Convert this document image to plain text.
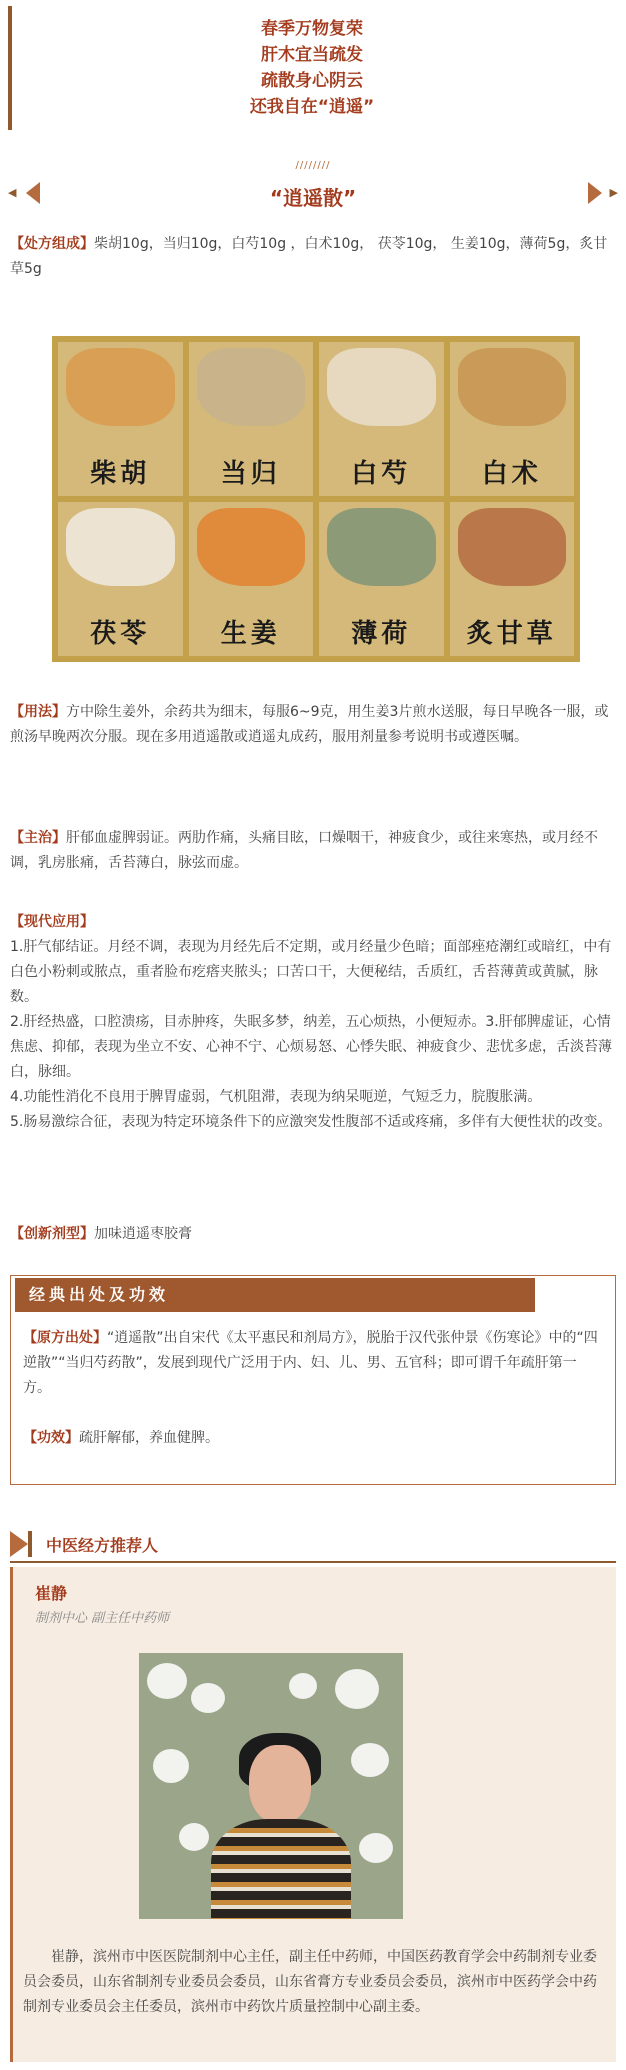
春季万物复荣
肝木宜当疏发
疏散身心阴云
还我自在“逍遥”
////////
◀	“逍遥散”	▶
【处方组成】柴胡10g，当归10g，白芍10g ，白术10g， 茯苓10g， 生姜10g，薄荷5g，炙甘草5g
柴胡	当归	白芍	白术
茯苓	生姜	薄荷	炙甘草
【用法】方中除生姜外，余药共为细末，每服6~9克，用生姜3片煎水送服，每日早晚各一服，或煎汤早晚两次分服。现在多用逍遥散或逍遥丸成药，服用剂量参考说明书或遵医嘱。
【主治】肝郁血虚脾弱证。两肋作痛，头痛目眩，口燥咽干，神疲食少，或往来寒热，或月经不调，乳房胀痛，舌苔薄白，脉弦而虚。
【现代应用】
1.肝气郁结证。月经不调，表现为月经先后不定期，或月经量少色暗；面部痤疮潮红或暗红，中有白色小粉刺或脓点，重者脸布疙瘩夹脓头；口苦口干，大便秘结，舌质红，舌苔薄黄或黄腻，脉数。
2.肝经热盛，口腔溃疡，目赤肿疼，失眠多梦，纳差，五心烦热，小便短赤。3.肝郁脾虚证，心情焦虑、抑郁，表现为坐立不安、心神不宁、心烦易怒、心悸失眠、神疲食少、悲忧多虑，舌淡苔薄白，脉细。
4.功能性消化不良用于脾胃虚弱，气机阻滞，表现为纳呆呃逆，气短乏力，脘腹胀满。
5.肠易激综合征，表现为特定环境条件下的应激突发性腹部不适或疼痛，多伴有大便性状的改变。
【创新剂型】加味逍遥枣胶膏
经典出处及功效
【原方出处】“逍遥散”出自宋代《太平惠民和剂局方》，脱胎于汉代张仲景《伤寒论》中的“四逆散”“当归芍药散”，发展到现代广泛用于内、妇、儿、男、五官科；即可谓千年疏肝第一方。
【功效】疏肝解郁，养血健脾。
中医经方推荐人
崔静
制剂中心 副主任中药师
崔静，滨州市中医医院制剂中心主任，副主任中药师，中国医药教育学会中药制剂专业委员会委员，山东省制剂专业委员会委员，山东省膏方专业委员会委员，滨州市中医药学会中药制剂专业委员会主任委员，滨州市中药饮片质量控制中心副主委。
